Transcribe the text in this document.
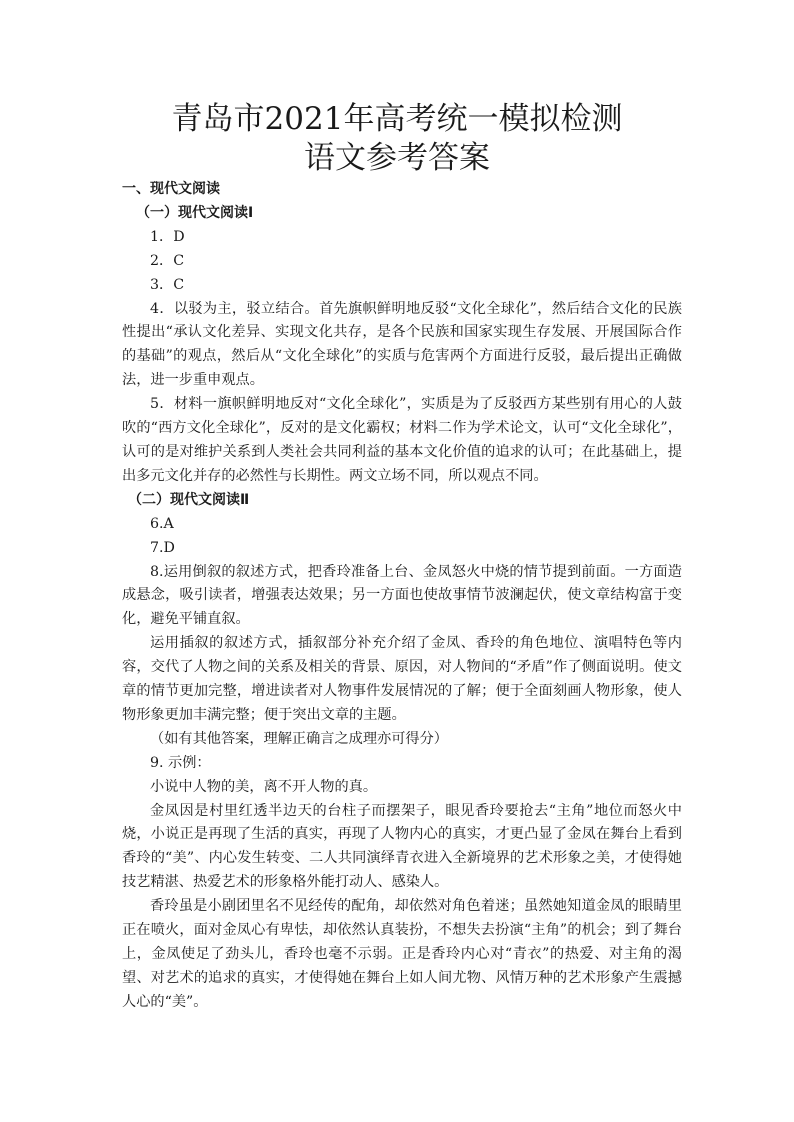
青岛市2021年高考统一模拟检测
语文参考答案

一、现代文阅读

（一）现代文阅读Ⅰ

1．D

2．C

3．C

4．以驳为主，驳立结合。首先旗帜鲜明地反驳“文化全球化”，然后结合文化的民族性提出“承认文化差异、实现文化共存，是各个民族和国家实现生存发展、开展国际合作的基础”的观点，然后从“文化全球化”的实质与危害两个方面进行反驳，最后提出正确做法，进一步重申观点。

5．材料一旗帜鲜明地反对“文化全球化”，实质是为了反驳西方某些别有用心的人鼓吹的“西方文化全球化”，反对的是文化霸权；材料二作为学术论文，认可“文化全球化”，认可的是对维护关系到人类社会共同利益的基本文化价值的追求的认可；在此基础上，提出多元文化并存的必然性与长期性。两文立场不同，所以观点不同。

（二）现代文阅读Ⅱ

6.A

7.D

8.运用倒叙的叙述方式，把香玲准备上台、金凤怒火中烧的情节提到前面。一方面造成悬念，吸引读者，增强表达效果；另一方面也使故事情节波澜起伏，使文章结构富于变化，避免平铺直叙。

运用插叙的叙述方式，插叙部分补充介绍了金凤、香玲的角色地位、演唱特色等内容，交代了人物之间的关系及相关的背景、原因，对人物间的“矛盾”作了侧面说明。使文章的情节更加完整，增进读者对人物事件发展情况的了解；便于全面刻画人物形象，使人物形象更加丰满完整；便于突出文章的主题。

（如有其他答案，理解正确言之成理亦可得分）

9. 示例：

小说中人物的美，离不开人物的真。

金凤因是村里红透半边天的台柱子而摆架子，眼见香玲要抢去“主角”地位而怒火中烧，小说正是再现了生活的真实，再现了人物内心的真实，才更凸显了金凤在舞台上看到香玲的“美”、内心发生转变、二人共同演绎青衣进入全新境界的艺术形象之美，才使得她技艺精湛、热爱艺术的形象格外能打动人、感染人。

香玲虽是小剧团里名不见经传的配角，却依然对角色着迷；虽然她知道金凤的眼睛里正在喷火，面对金凤心有卑怯，却依然认真装扮，不想失去扮演“主角”的机会；到了舞台上，金凤使足了劲头儿，香玲也毫不示弱。正是香玲内心对“青衣”的热爱、对主角的渴望、对艺术的追求的真实，才使得她在舞台上如人间尤物、风情万种的艺术形象产生震撼人心的“美”。
